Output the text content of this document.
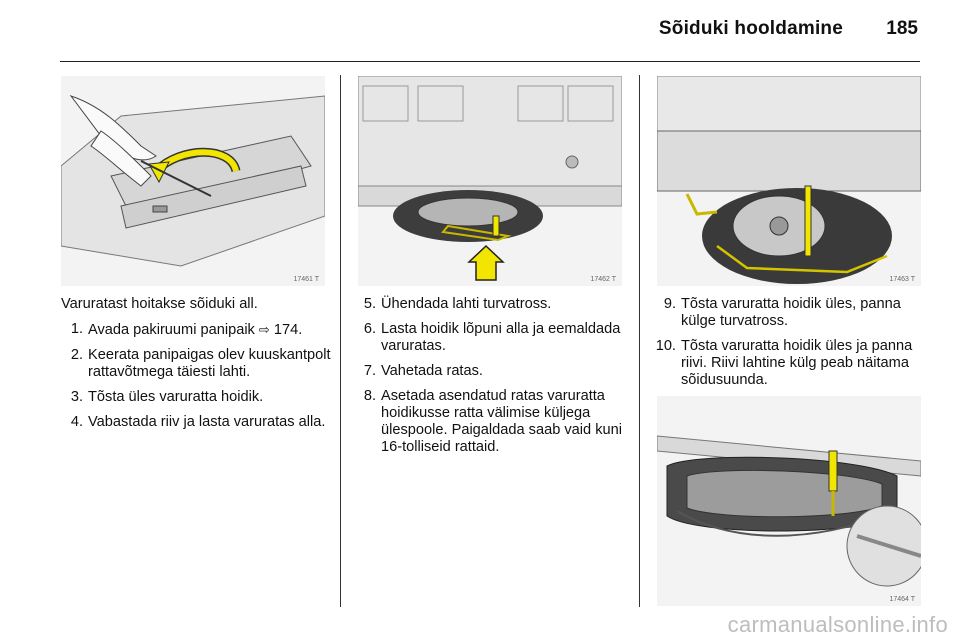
Sõiduki hooldamine 185
17461 T	17462 T	17463 T
17464 T

Varuratast hoitakse sõiduki all.

1. Avada pakiruumi panipaik ⇨ 174.
2. Keerata panipaigas olev kuuskantpolt rattavõtmega täiesti lahti.
3. Tõsta üles varuratta hoidik.
4. Vabastada riiv ja lasta varuratas alla.
5. Ühendada lahti turvatross.
6. Lasta hoidik lõpuni alla ja eemaldada varuratas.
7. Vahetada ratas.
8. Asetada asendatud ratas varuratta hoidikusse ratta välimise küljega ülespoole. Paigaldada saab vaid kuni 16-tolliseid rattaid.
9. Tõsta varuratta hoidik üles, panna külge turvatross.
10. Tõsta varuratta hoidik üles ja panna riivi. Riivi lahtine külg peab näitama sõidusuunda.
carmanualsonline.info
